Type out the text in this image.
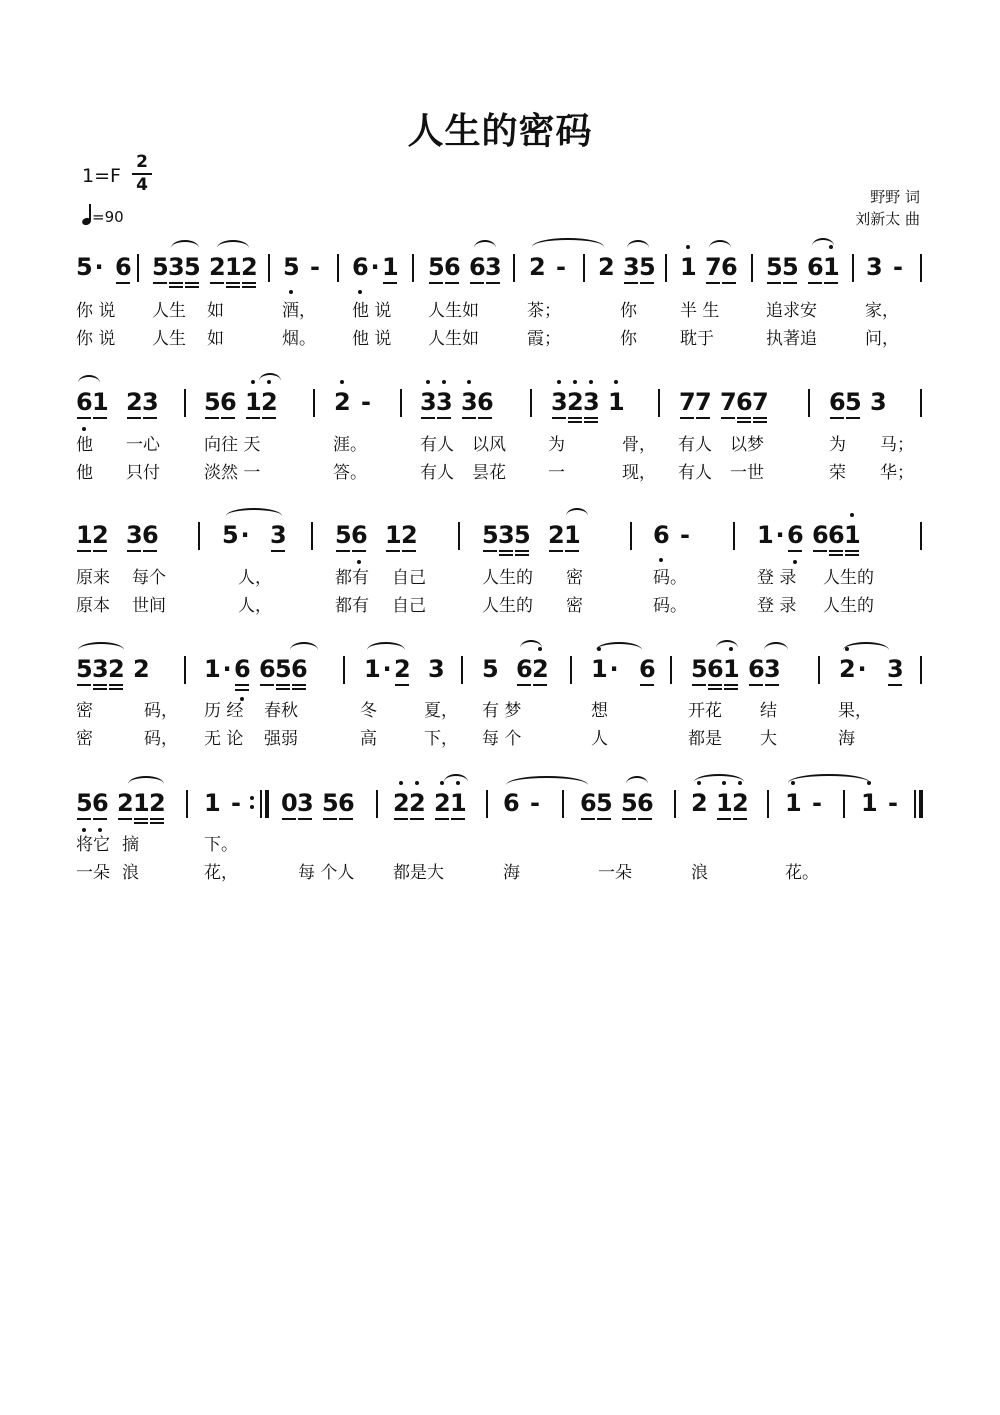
人生的密码
1=F
2
4
=90
野野 词
刘新太 曲
5 · 6 5 3 5 2 1 2 5 - 6 · 1 5 6 6 3 2 - 2 3 5 1 7 6 5 5 6 1 3 -
你 说 人生 如	酒， 他 说 人生如	茶；	你	半 生	追求安	家，
你 说 人生 如	烟。 他 说 人生如	霞；	你	耽于	执著追	问，
6 1 2 3 5 6 1 2 2 - 3 3 3 6 3 2 3 1 7 7 7 6 7	6 5 3
他 一心	向往 天	涯。	有人 以风 为	骨， 有人 以梦	为 马；
他 只付	淡然 一	答。	有人 昙花 一	现， 有人 一世	荣 华；
1 2 3 6	5 · 3 5 6 1 2	5 3 5 2 1	6 -	1 · 6 6 6 1
原来 每个	人，	都有 自己	人生的 密	码。	登 录 人生的
原本 世间	人，	都有 自己	人生的 密	码。	登 录 人生的
5 3 2 2 1 · 6 6 5 6 1 · 2 3 5 6 2 1 · 6 5 6 1 6 3 2 · 3
密	码， 历 经 春秋	冬	夏， 有 梦	想	开花 结	果，
密	码， 无 论 强弱	高	下， 每 个	人	都是 大	海
5 6 2 1 2 1 - 0 3 5 6 2 2 2 1 6 - 6 5 5 6 2 1 2 1 - 1 -
将它 摘	下。
一朵 浪	花，	每 个人 都是大	海	一朵	浪	花。
